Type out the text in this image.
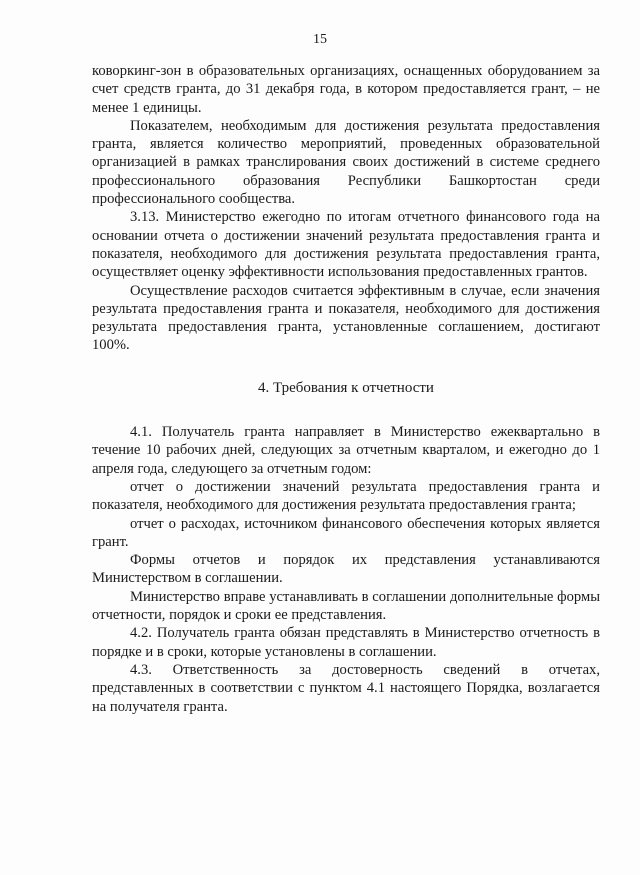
15

коворкинг-зон в образовательных организациях, оснащенных оборудованием за счет средств гранта, до 31 декабря года, в котором предоставляется грант, – не менее 1 единицы.

Показателем, необходимым для достижения результата предоставления гранта, является количество мероприятий, проведенных образовательной организацией в рамках транслирования своих достижений в системе среднего профессионального образования Республики Башкортостан среди профессионального сообщества.

3.13. Министерство ежегодно по итогам отчетного финансового года на основании отчета о достижении значений результата предоставления гранта и показателя, необходимого для достижения результата предоставления гранта, осуществляет оценку эффективности использования предоставленных грантов.

Осуществление расходов считается эффективным в случае, если значения результата предоставления гранта и показателя, необходимого для достижения результата предоставления гранта, установленные соглашением, достигают 100%.

4. Требования к отчетности

4.1. Получатель гранта направляет в Министерство ежеквартально в течение 10 рабочих дней, следующих за отчетным кварталом, и ежегодно до 1 апреля года, следующего за отчетным годом:

отчет о достижении значений результата предоставления гранта и показателя, необходимого для достижения результата предоставления гранта;

отчет о расходах, источником финансового обеспечения которых является грант.

Формы отчетов и порядок их представления устанавливаются Министерством в соглашении.

Министерство вправе устанавливать в соглашении дополнительные формы отчетности, порядок и сроки ее представления.

4.2. Получатель гранта обязан представлять в Министерство отчетность в порядке и в сроки, которые установлены в соглашении.

4.3. Ответственность за достоверность сведений в отчетах, представленных в соответствии с пунктом 4.1 настоящего Порядка, возлагается на получателя гранта.
